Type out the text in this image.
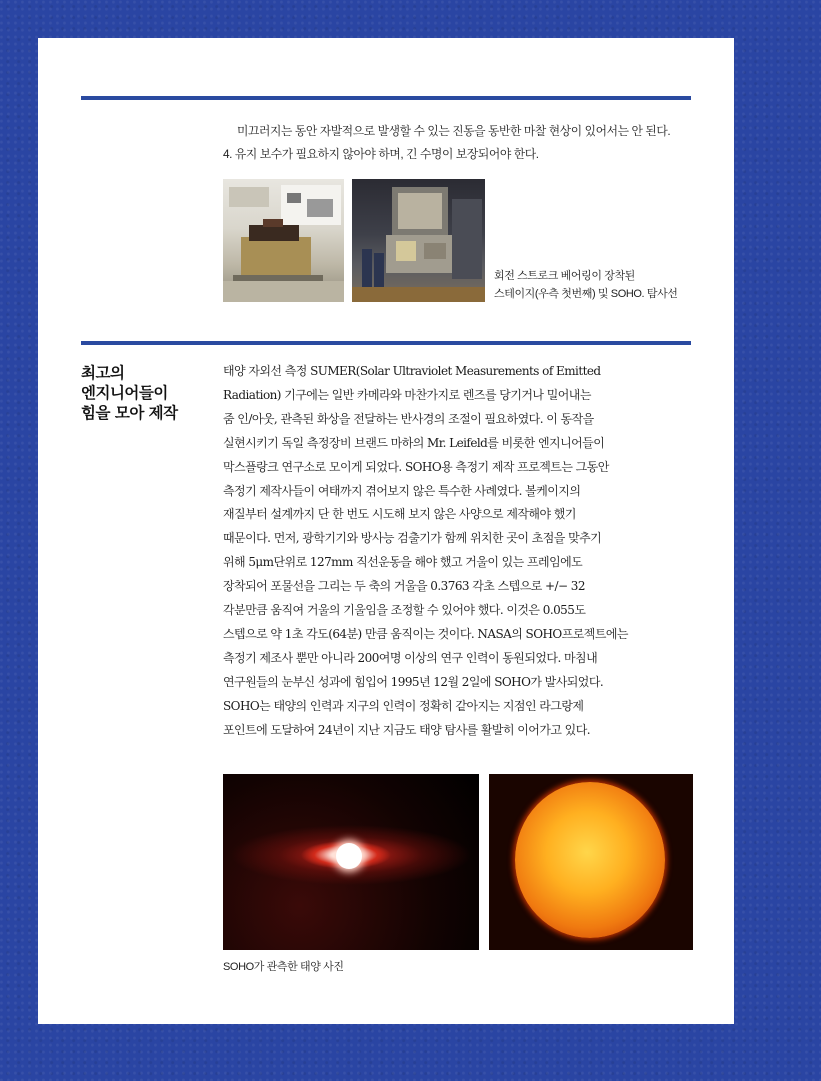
미끄러지는 동안 자발적으로 발생할 수 있는 진동을 동반한 마찰 현상이 있어서는 안 된다.
4. 유지 보수가 필요하지 않아야 하며, 긴 수명이 보장되어야 한다.
회전 스트로크 베어링이 장착된
스테이지(우측 첫번째) 및 SOHO. 탐사선
최고의
엔지니어들이
힘을 모아 제작
태양 자외선 측정 SUMER(Solar Ultraviolet Measurements of Emitted
Radiation) 기구에는 일반 카메라와 마찬가지로 렌즈를 당기거나 밀어내는
줌 인/아웃, 관측된 화상을 전달하는 반사경의 조절이 필요하였다. 이 동작을
실현시키기 독일 측정장비 브랜드 마하의 Mr. Leifeld를 비롯한 엔지니어들이
막스플랑크 연구소로 모이게 되었다. SOHO용 측정기 제작 프로젝트는 그동안
측정기 제작사들이 여태까지 겪어보지 않은 특수한 사례였다. 볼케이지의
재질부터 설계까지 단 한 번도 시도해 보지 않은 사양으로 제작해야 했기
때문이다. 먼저, 광학기기와 방사능 검출기가 함께 위치한 곳이 초점을 맞추기
위해 5μm단위로 127mm 직선운동을 해야 했고 거울이 있는 프레임에도
장착되어 포물선을 그리는 두 축의 거울을 0.3763 각초 스텝으로 +/− 32
각분만큼 움직여 거울의 기울임을 조정할 수 있어야 했다. 이것은 0.055도
스텝으로 약 1초 각도(64분) 만큼 움직이는 것이다. NASA의 SOHO프로젝트에는
측정기 제조사 뿐만 아니라 200여명 이상의 연구 인력이 동원되었다. 마침내
연구원들의 눈부신 성과에 힘입어 1995년 12월 2일에 SOHO가 발사되었다.
SOHO는 태양의 인력과 지구의 인력이 정확히 같아지는 지점인 라그랑제
포인트에 도달하여 24년이 지난 지금도 태양 탐사를 활발히 이어가고 있다.
SOHO가 관측한 태양 사진
